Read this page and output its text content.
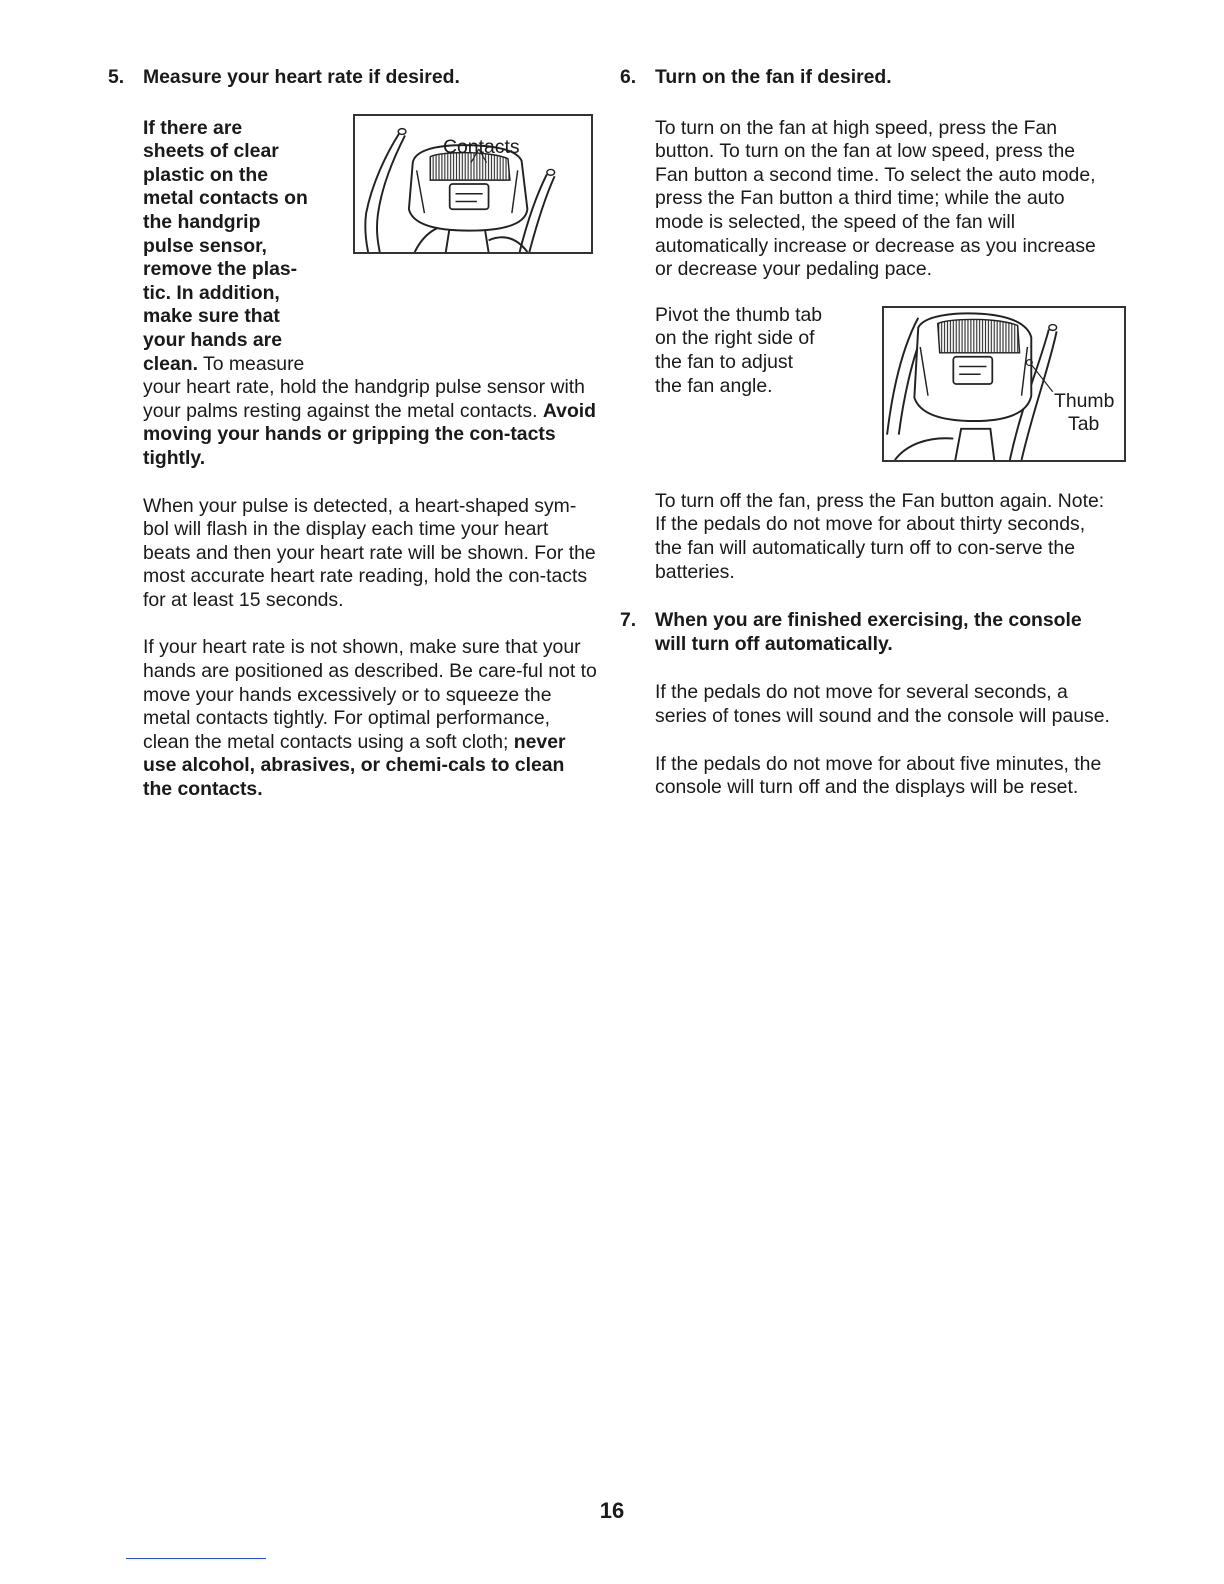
5. Measure your heart rate if desired.
If there are
sheets of clear
plastic on the
metal contacts on
the handgrip
pulse sensor,
remove the plas-
tic. In addition,
make sure that
your hands are
clean. To measure
Contacts

your heart rate, hold the handgrip pulse sensor with your palms resting against the metal contacts. Avoid moving your hands or gripping the con-tacts tightly.

When your pulse is detected, a heart-shaped sym-bol will flash in the display each time your heart beats and then your heart rate will be shown. For the most accurate heart rate reading, hold the con-tacts for at least 15 seconds.

If your heart rate is not shown, make sure that your hands are positioned as described. Be care-ful not to move your hands excessively or to squeeze the metal contacts tightly. For optimal performance, clean the metal contacts using a soft cloth; never use alcohol, abrasives, or chemi-cals to clean the contacts.

6. Turn on the fan if desired.

To turn on the fan at high speed, press the Fan button. To turn on the fan at low speed, press the Fan button a second time. To select the auto mode, press the Fan button a third time; while the auto mode is selected, the speed of the fan will automatically increase or decrease as you increase or decrease your pedaling pace.

Pivot the thumb tab
on the right side of
the fan to adjust
the fan angle.
Thumb
Tab

To turn off the fan, press the Fan button again. Note: If the pedals do not move for about thirty seconds, the fan will automatically turn off to con-serve the batteries.

7. When you are finished exercising, the console will turn off automatically.

If the pedals do not move for several seconds, a series of tones will sound and the console will pause.

If the pedals do not move for about five minutes, the console will turn off and the displays will be reset.

16
